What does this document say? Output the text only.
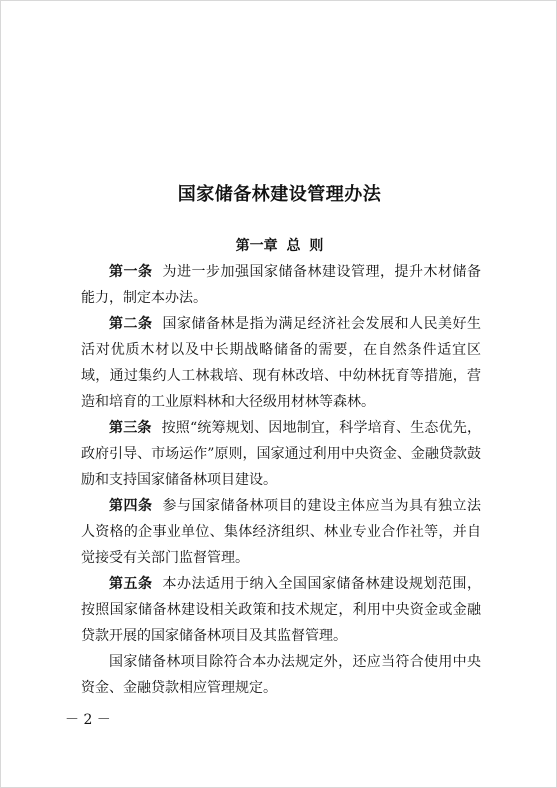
国家储备林建设管理办法
第一章 总 则

第一条 为进一步加强国家储备林建设管理，提升木材储备能力，制定本办法。

第二条 国家储备林是指为满足经济社会发展和人民美好生活对优质木材以及中长期战略储备的需要，在自然条件适宜区域，通过集约人工林栽培、现有林改培、中幼林抚育等措施，营造和培育的工业原料林和大径级用材林等森林。

第三条 按照“统筹规划、因地制宜，科学培育、生态优先，政府引导、市场运作”原则，国家通过利用中央资金、金融贷款鼓励和支持国家储备林项目建设。

第四条 参与国家储备林项目的建设主体应当为具有独立法人资格的企事业单位、集体经济组织、林业专业合作社等，并自觉接受有关部门监督管理。

第五条 本办法适用于纳入全国国家储备林建设规划范围，按照国家储备林建设相关政策和技术规定，利用中央资金或金融贷款开展的国家储备林项目及其监督管理。

国家储备林项目除符合本办法规定外，还应当符合使用中央资金、金融贷款相应管理规定。

－ 2 －
